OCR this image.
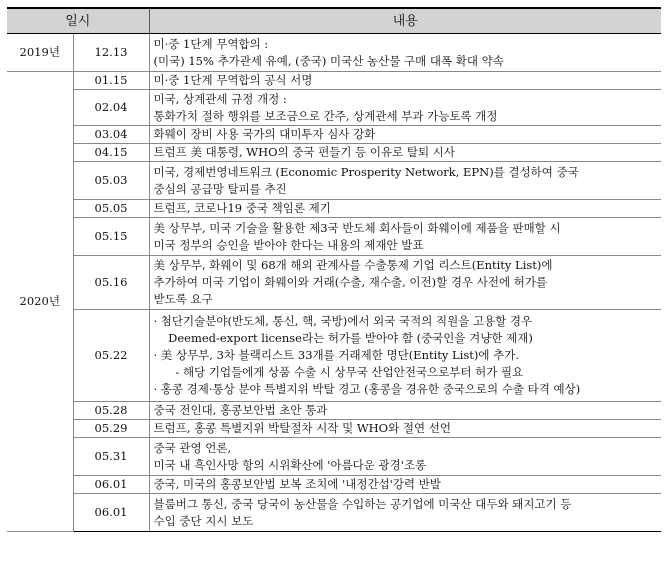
일시		내용
2019년	12.13	미·중 1단계 무역합의 :
(미국) 15% 추가관세 유예, (중국) 미국산 농산물 구매 대폭 확대 약속

2020년	01.15	미·중 1단계 무역합의 공식 서명

	02.04	미국, 상계관세 규정 개정 :
통화가치 절하 행위를 보조금으로 간주, 상계관세 부과 가능토록 개정

	03.04	화웨이 장비 사용 국가의 대미투자 심사 강화

	04.15	트럼프 美 대통령, WHO의 중국 편들기 등 이유로 탈퇴 시사

	05.03	미국, 경제번영네트워크 (Economic Prosperity Network, EPN)를 결성하여 중국
중심의 공급망 탈피를 추진

	05.05	트럼프, 코로나19 중국 책임론 제기

	05.15	美 상무부, 미국 기술을 활용한 제3국 반도체 회사들이 화웨이에 제품을 판매할 시
미국 정부의 승인을 받아야 한다는 내용의 제재안 발표

	05.16	美 상무부, 화웨이 및 68개 해외 관계사를 수출통제 기업 리스트(Entity List)에
추가하여 미국 기업이 화웨이와 거래(수출, 재수출, 이전)할 경우 사전에 허가를
받도록 요구

	05.22	· 첨단기술분야(반도체, 통신, 핵, 국방)에서 외국 국적의 직원을 고용할 경우
Deemed-export license라는 허가를 받아야 함 (중국인을 겨냥한 제재)
· 美 상무부, 3차 블랙리스트 33개를 거래제한 명단(Entity List)에 추가.
- 해당 기업들에게 상품 수출 시 상무국 산업안전국으로부터 허가 필요
· 홍콩 경제·통상 분야 특별지위 박탈 경고 (홍콩을 경유한 중국으로의 수출 타격 예상)

	05.28	중국 전인대, 홍콩보안법 초안 통과

	05.29	트럼프, 홍콩 특별지위 박탈절차 시작 및 WHO와 절연 선언

	05.31	중국 관영 언론,
미국 내 흑인사망 항의 시위확산에 '아름다운 광경'조롱

	06.01	중국, 미국의 홍콩보안법 보복 조치에 '내정간섭'강력 반발

	06.01	블룸버그 통신, 중국 당국이 농산물을 수입하는 공기업에 미국산 대두와 돼지고기 등
수입 중단 지시 보도
